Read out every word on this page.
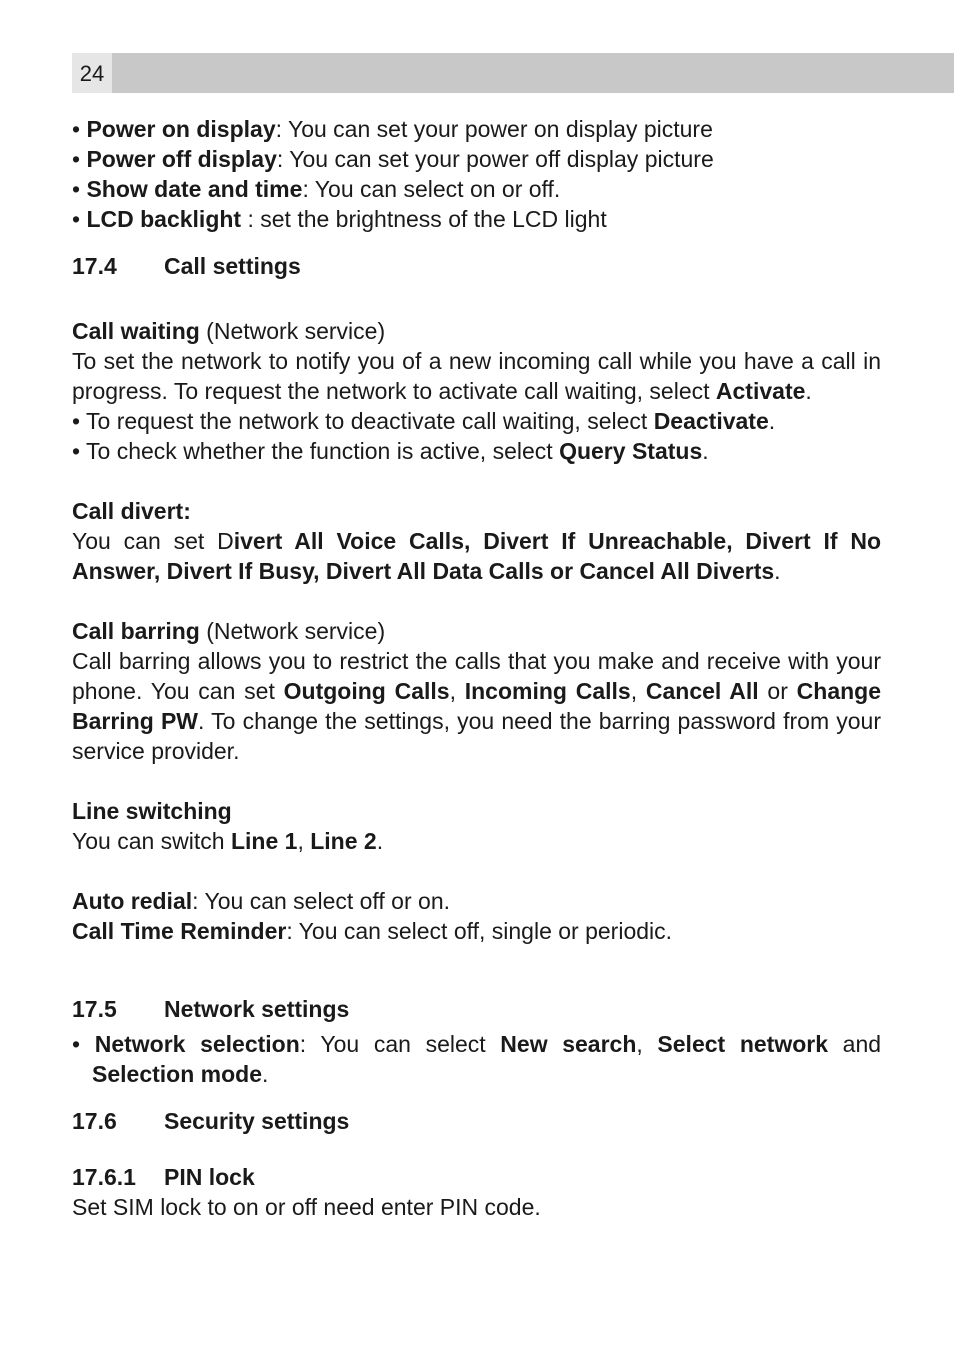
24
• Power on display: You can set your power on display picture
• Power off display: You can set your power off display picture
• Show date and time: You can select on or off.
• LCD backlight : set the brightness of the LCD light
17.4 Call settings
Call waiting (Network service)
To set the network to notify you of a new incoming call while you have a call in progress. To request the network to activate call waiting, select Activate.
• To request the network to deactivate call waiting, select Deactivate.
• To check whether the function is active, select Query Status.
Call divert:
You can set Divert All Voice Calls, Divert If Unreachable, Divert If No Answer, Divert If Busy, Divert All Data Calls or Cancel All Diverts.
Call barring (Network service)
Call barring allows you to restrict the calls that you make and receive with your phone. You can set Outgoing Calls, Incoming Calls, Cancel All or Change Barring PW. To change the settings, you need the barring password from your service provider.
Line switching
You can switch Line 1, Line 2.
Auto redial: You can select off or on.
Call Time Reminder: You can select off, single or periodic.
17.5 Network settings
• Network selection: You can select New search, Select network and Selection mode.
17.6 Security settings
17.6.1 PIN lock
Set SIM lock to on or off need enter PIN code.
